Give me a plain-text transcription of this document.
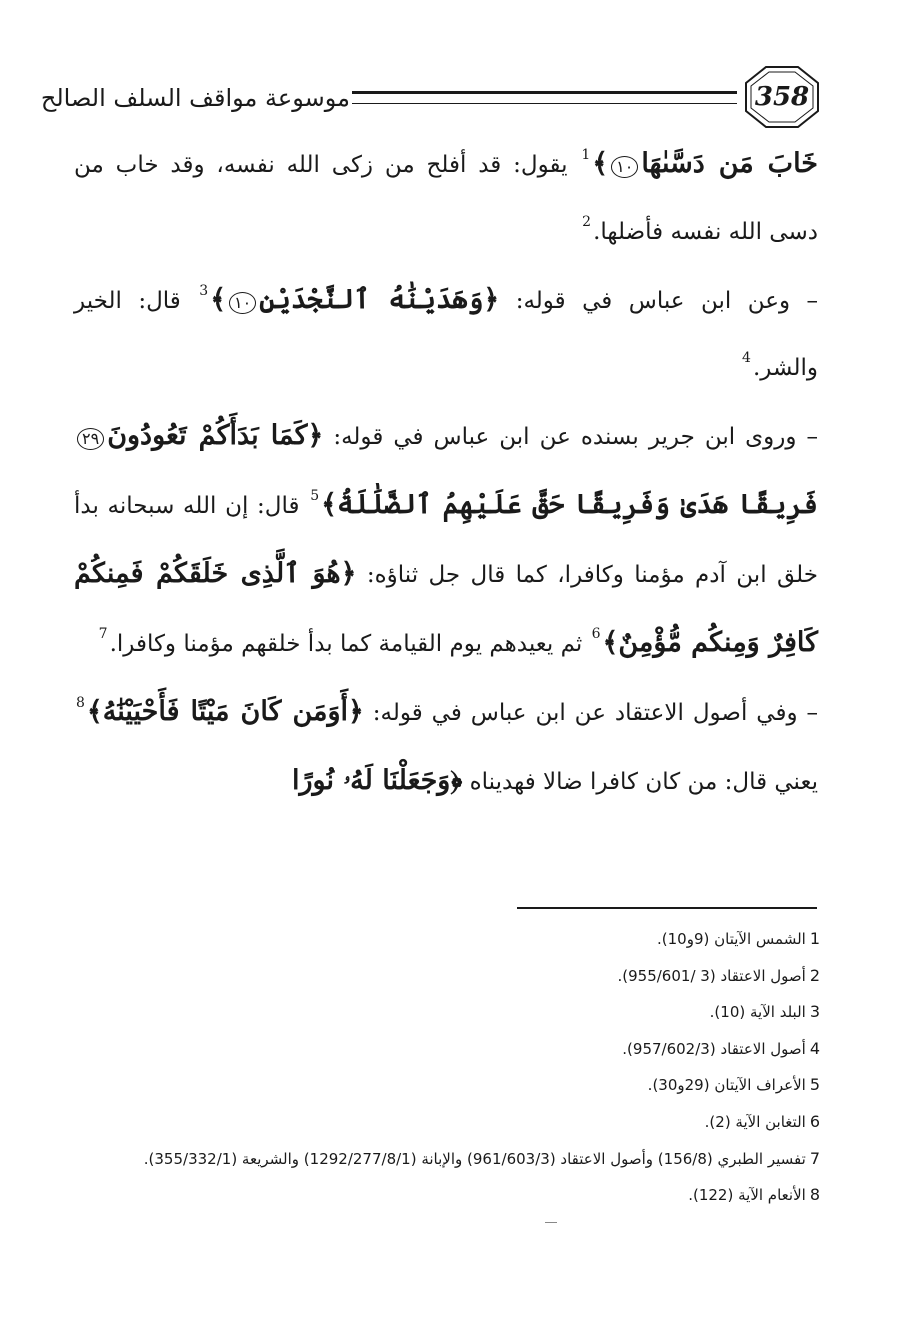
موسوعة مواقف السلف الصالح	358

خَابَ مَن دَسَّىٰهَا١٠﴾$^1$ يقول: قد أفلح من زكى الله نفسه، وقد خاب من دسى الله نفسه فأضلها.$^2$

– وعن ابن عباس في قوله: ﴿وَهَدَيْنَٰهُ ٱلنَّجْدَيْنِ١٠﴾$^3$ قال: الخير والشر.$^4$

– وروى ابن جرير بسنده عن ابن عباس في قوله: ﴿كَمَا بَدَأَكُمْ تَعُودُونَ٢٩فَرِيقًا هَدَىٰ وَفَرِيقًا حَقَّ عَلَيْهِمُ ٱلضَّلَٰلَةُ﴾$^5$ قال: إن الله سبحانه بدأ خلق ابن آدم مؤمنا وكافرا، كما قال جل ثناؤه: ﴿هُوَ ٱلَّذِى خَلَقَكُمْ فَمِنكُمْ كَافِرٌ وَمِنكُم مُّؤْمِنٌ﴾$^6$ ثم يعيدهم يوم القيامة كما بدأ خلقهم مؤمنا وكافرا.$^7$

– وفي أصول الاعتقاد عن ابن عباس في قوله: ﴿أَوَمَن كَانَ مَيْتًا فَأَحْيَيْنَٰهُ﴾$^8$ يعني قال: من كان كافرا ضالا فهديناه ﴿وَجَعَلْنَا لَهُۥ نُورًا

1الشمس الآيتان (9و10).

2أصول الاعتقاد (3 /955/601).

3البلد الآية (10).

4أصول الاعتقاد (957/602/3).

5الأعراف الآيتان (29و30).

6التغابن الآية (2).

7تفسير الطبري (156/8) وأصول الاعتقاد (961/603/3) والإبانة (1292/277/8/1) والشريعة (355/332/1).

8الأنعام الآية (122).
